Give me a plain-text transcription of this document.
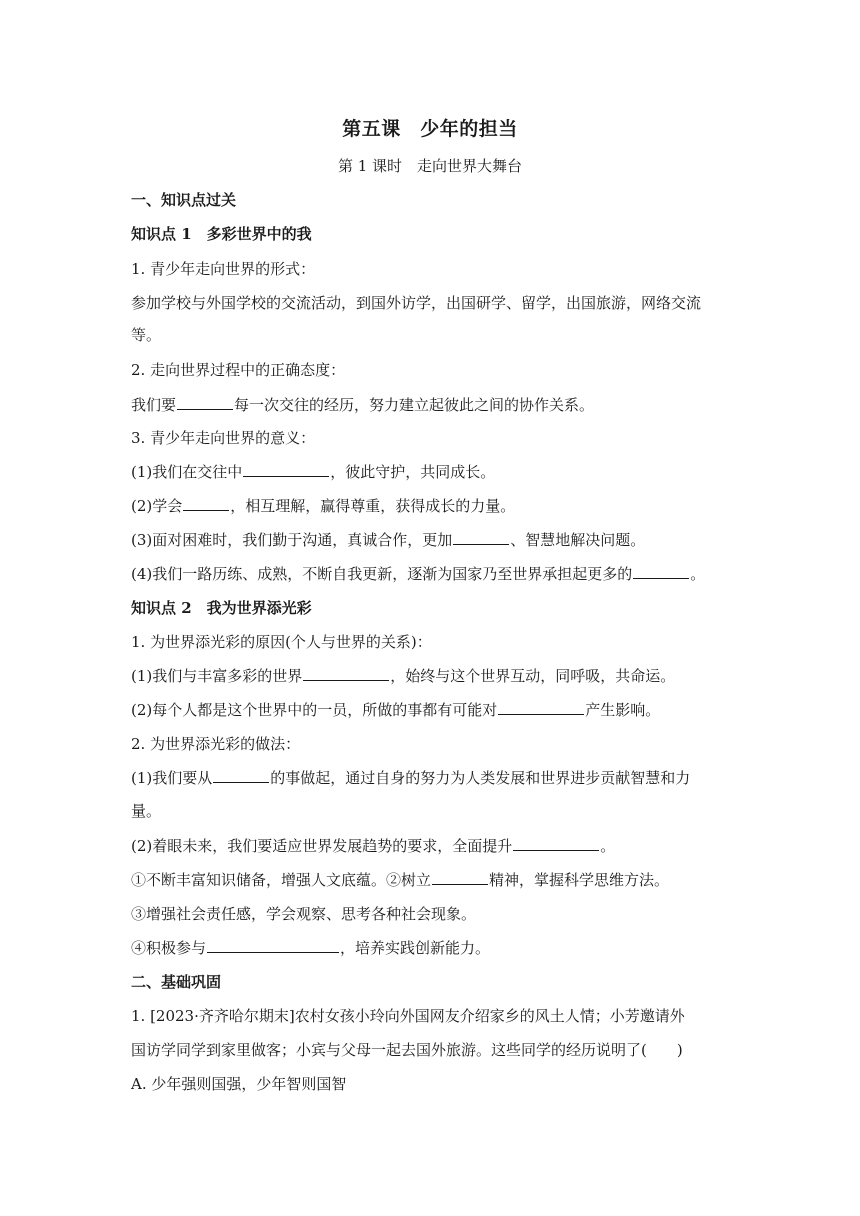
第五课　少年的担当
第 1 课时　走向世界大舞台
一、知识点过关
知识点 1　多彩世界中的我
1. 青少年走向世界的形式：
参加学校与外国学校的交流活动，到国外访学，出国研学、留学，出国旅游，网络交流
等。
2. 走向世界过程中的正确态度：
我们要	每一次交往的经历，努力建立起彼此之间的协作关系。
3. 青少年走向世界的意义：
(1)我们在交往中	，彼此守护，共同成长。
(2)学会	，相互理解，赢得尊重，获得成长的力量。
(3)面对困难时，我们勤于沟通，真诚合作，更加	、智慧地解决问题。
(4)我们一路历练、成熟，不断自我更新，逐渐为国家乃至世界承担起更多的	。
知识点 2　我为世界添光彩
1. 为世界添光彩的原因(个人与世界的关系)：
(1)我们与丰富多彩的世界	，始终与这个世界互动，同呼吸，共命运。
(2)每个人都是这个世界中的一员，所做的事都有可能对	产生影响。
2. 为世界添光彩的做法：
(1)我们要从	的事做起，通过自身的努力为人类发展和世界进步贡献智慧和力
量。
(2)着眼未来，我们要适应世界发展趋势的要求，全面提升	。
①不断丰富知识储备，增强人文底蕴。②树立	精神，掌握科学思维方法。
③增强社会责任感，学会观察、思考各种社会现象。
④积极参与	，培养实践创新能力。
二、基础巩固
1. [2023·齐齐哈尔期末]农村女孩小玲向外国网友介绍家乡的风土人情；小芳邀请外
国访学同学到家里做客；小宾与父母一起去国外旅游。这些同学的经历说明了( )
A. 少年强则国强，少年智则国智
